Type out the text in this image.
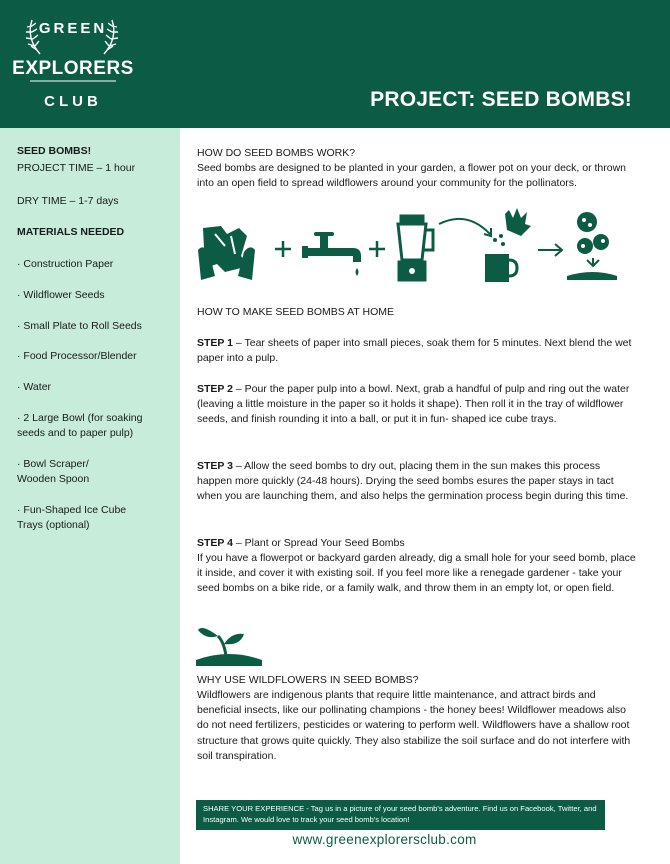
GREEN
EXPLORERS
CLUB	PROJECT: SEED BOMBS!
SEED BOMBS!
PROJECT TIME – 1 hour
DRY TIME – 1-7 days
MATERIALS NEEDED
· Construction Paper
· Wildflower Seeds
· Small Plate to Roll Seeds
· Food Processor/Blender
· Water
· 2 Large Bowl (for soaking seeds and to paper pulp)
· Bowl Scraper/ Wooden Spoon
· Fun-Shaped Ice Cube Trays (optional)
HOW DO SEED BOMBS WORK?
Seed bombs are designed to be planted in your garden, a flower pot on your deck, or thrown into an open field to spread wildflowers around your community for the pollinators.
HOW TO MAKE SEED BOMBS AT HOME
STEP 1 – Tear sheets of paper into small pieces, soak them for 5 minutes. Next blend the wet paper into a pulp.
STEP 2 – Pour the paper pulp into a bowl. Next, grab a handful of pulp and ring out the water (leaving a little moisture in the paper so it holds it shape). Then roll it in the tray of wildflower seeds, and finish rounding it into a ball, or put it in fun- shaped ice cube trays.
STEP 3 – Allow the seed bombs to dry out, placing them in the sun makes this process happen more quickly (24-48 hours). Drying the seed bombs esures the paper stays in tact when you are launching them, and also helps the germination process begin during this time.
STEP 4 – Plant or Spread Your Seed Bombs
If you have a flowerpot or backyard garden already, dig a small hole for your seed bomb, place it inside, and cover it with existing soil. If you feel more like a renegade gardener - take your seed bombs on a bike ride, or a family walk, and throw them in an empty lot, or open field.
WHY USE WILDFLOWERS IN SEED BOMBS?
Wildflowers are indigenous plants that require little maintenance, and attract birds and beneficial insects, like our pollinating champions - the honey bees! Wildflower meadows also do not need fertilizers, pesticides or watering to perform well. Wildflowers have a shallow root structure that grows quite quickly. They also stabilize the soil surface and do not interfere with soil transpiration.
SHARE YOUR EXPERIENCE - Tag us in a picture of your seed bomb's adventure. Find us on Facebook, Twitter, and Instagram. We would love to track your seed bomb's location!
www.greenexplorersclub.com
